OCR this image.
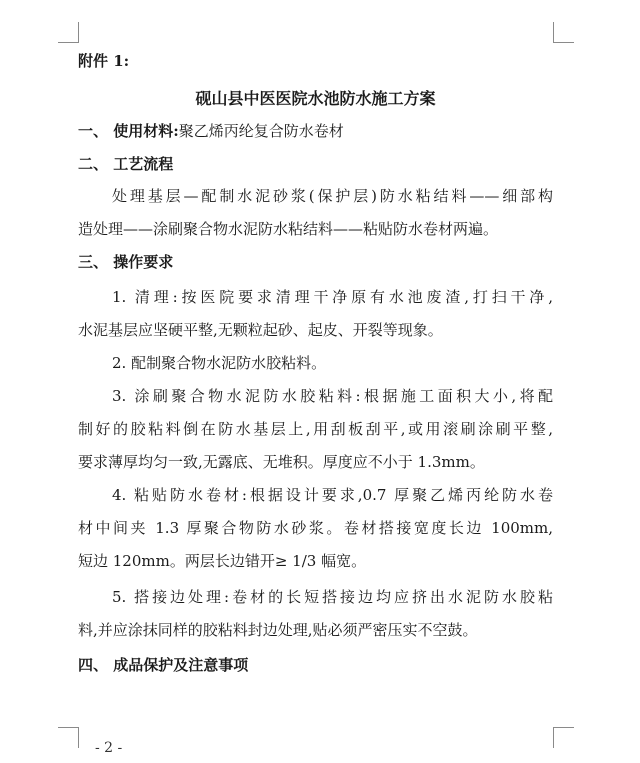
附件 1:
砚山县中医医院水池防水施工方案
一、 使用材料:聚乙烯丙纶复合防水卷材
二、 工艺流程
处理基层—配制水泥砂浆(保护层)防水粘结料——细部构
造处理——涂刷聚合物水泥防水粘结料——粘贴防水卷材两遍。
三、 操作要求
1. 清理:按医院要求清理干净原有水池废渣,打扫干净,
水泥基层应坚硬平整,无颗粒起砂、起皮、开裂等现象。
2. 配制聚合物水泥防水胶粘料。
3. 涂刷聚合物水泥防水胶粘料:根据施工面积大小,将配
制好的胶粘料倒在防水基层上,用刮板刮平,或用滚刷涂刷平整,
要求薄厚均匀一致,无露底、无堆积。厚度应不小于 1.3mm。
4. 粘贴防水卷材:根据设计要求,0.7 厚聚乙烯丙纶防水卷
材中间夹 1.3 厚聚合物防水砂浆。卷材搭接宽度长边 100mm,
短边 120mm。两层长边错开≥ 1/3 幅宽。
5. 搭接边处理:卷材的长短搭接边均应挤出水泥防水胶粘
料,并应涂抹同样的胶粘料封边处理,贴必须严密压实不空鼓。
四、 成品保护及注意事项
- 2 -
